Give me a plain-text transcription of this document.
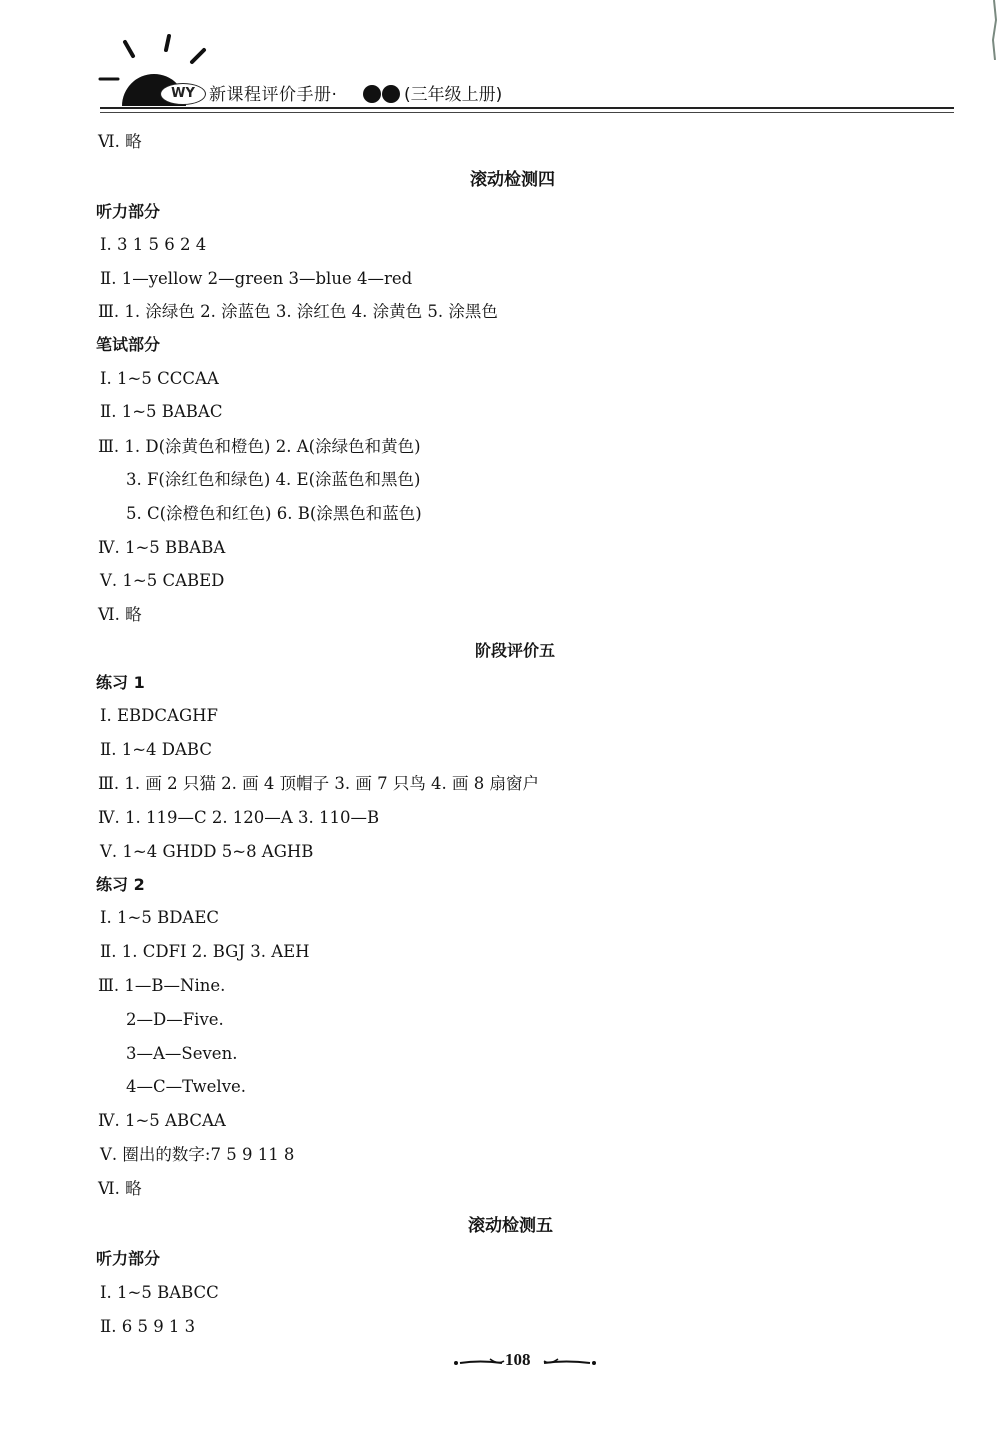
WY 新课程评价手册·	(三年级上册)
Ⅵ. 略
滚动检测四
听力部分
Ⅰ. 3 1 5 6 2 4
Ⅱ. 1—yellow 2—green 3—blue 4—red
Ⅲ. 1. 涂绿色 2. 涂蓝色 3. 涂红色 4. 涂黄色 5. 涂黑色
笔试部分
Ⅰ. 1~5 CCCAA
Ⅱ. 1~5 BABAC
Ⅲ. 1. D(涂黄色和橙色) 2. A(涂绿色和黄色)
3. F(涂红色和绿色) 4. E(涂蓝色和黑色)
5. C(涂橙色和红色) 6. B(涂黑色和蓝色)
Ⅳ. 1~5 BBABA
Ⅴ. 1~5 CABED
Ⅵ. 略
阶段评价五
练习 1
Ⅰ. EBDCAGHF
Ⅱ. 1~4 DABC
Ⅲ. 1. 画 2 只猫 2. 画 4 顶帽子 3. 画 7 只鸟 4. 画 8 扇窗户
Ⅳ. 1. 119—C 2. 120—A 3. 110—B
Ⅴ. 1~4 GHDD 5~8 AGHB
练习 2
Ⅰ. 1~5 BDAEC
Ⅱ. 1. CDFI 2. BGJ 3. AEH
Ⅲ. 1—B—Nine.
2—D—Five.
3—A—Seven.
4—C—Twelve.
Ⅳ. 1~5 ABCAA
Ⅴ. 圈出的数字:7 5 9 11 8
Ⅵ. 略
滚动检测五
听力部分
Ⅰ. 1~5 BABCC
Ⅱ. 6 5 9 1 3
108
